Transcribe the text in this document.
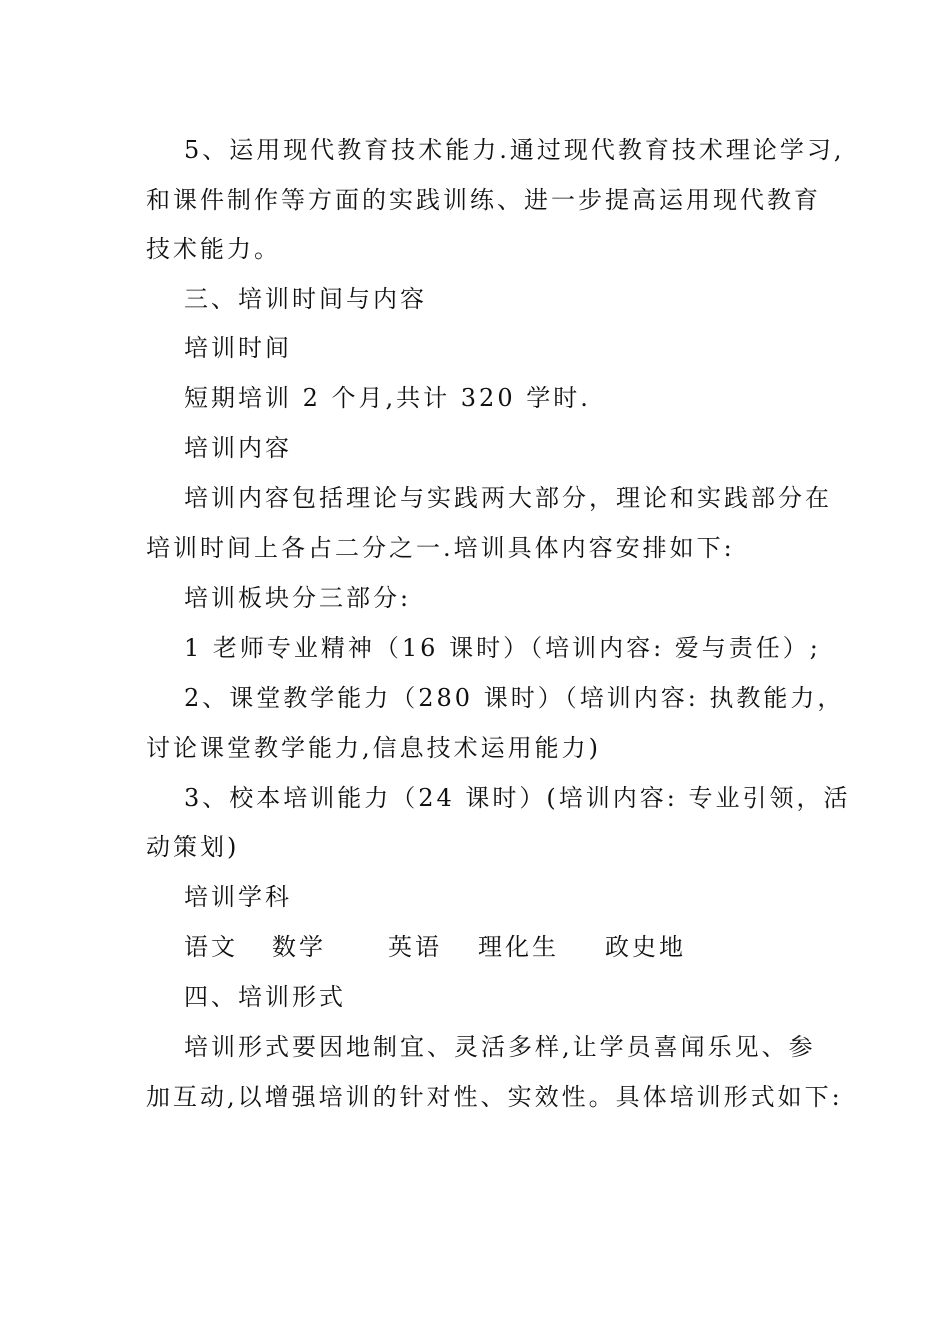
5、运用现代教育技术能力.通过现代教育技术理论学习,
和课件制作等方面的实践训练、进一步提高运用现代教育
技术能力。
三、培训时间与内容
培训时间
短期培训 2 个月,共计 320 学时.
培训内容
培训内容包括理论与实践两大部分，理论和实践部分在
培训时间上各占二分之一.培训具体内容安排如下:
培训板块分三部分:
1 老师专业精神（16 课时）（培训内容: 爱与责任）;
2、课堂教学能力（280 课时）（培训内容: 执教能力，
讨论课堂教学能力,信息技术运用能力)
3、校本培训能力（24 课时）(培训内容: 专业引领，活
动策划)
培训学科
语文 数学	英语 理化生 政史地
四、培训形式
培训形式要因地制宜、灵活多样,让学员喜闻乐见、参
加互动,以增强培训的针对性、实效性。具体培训形式如下:
